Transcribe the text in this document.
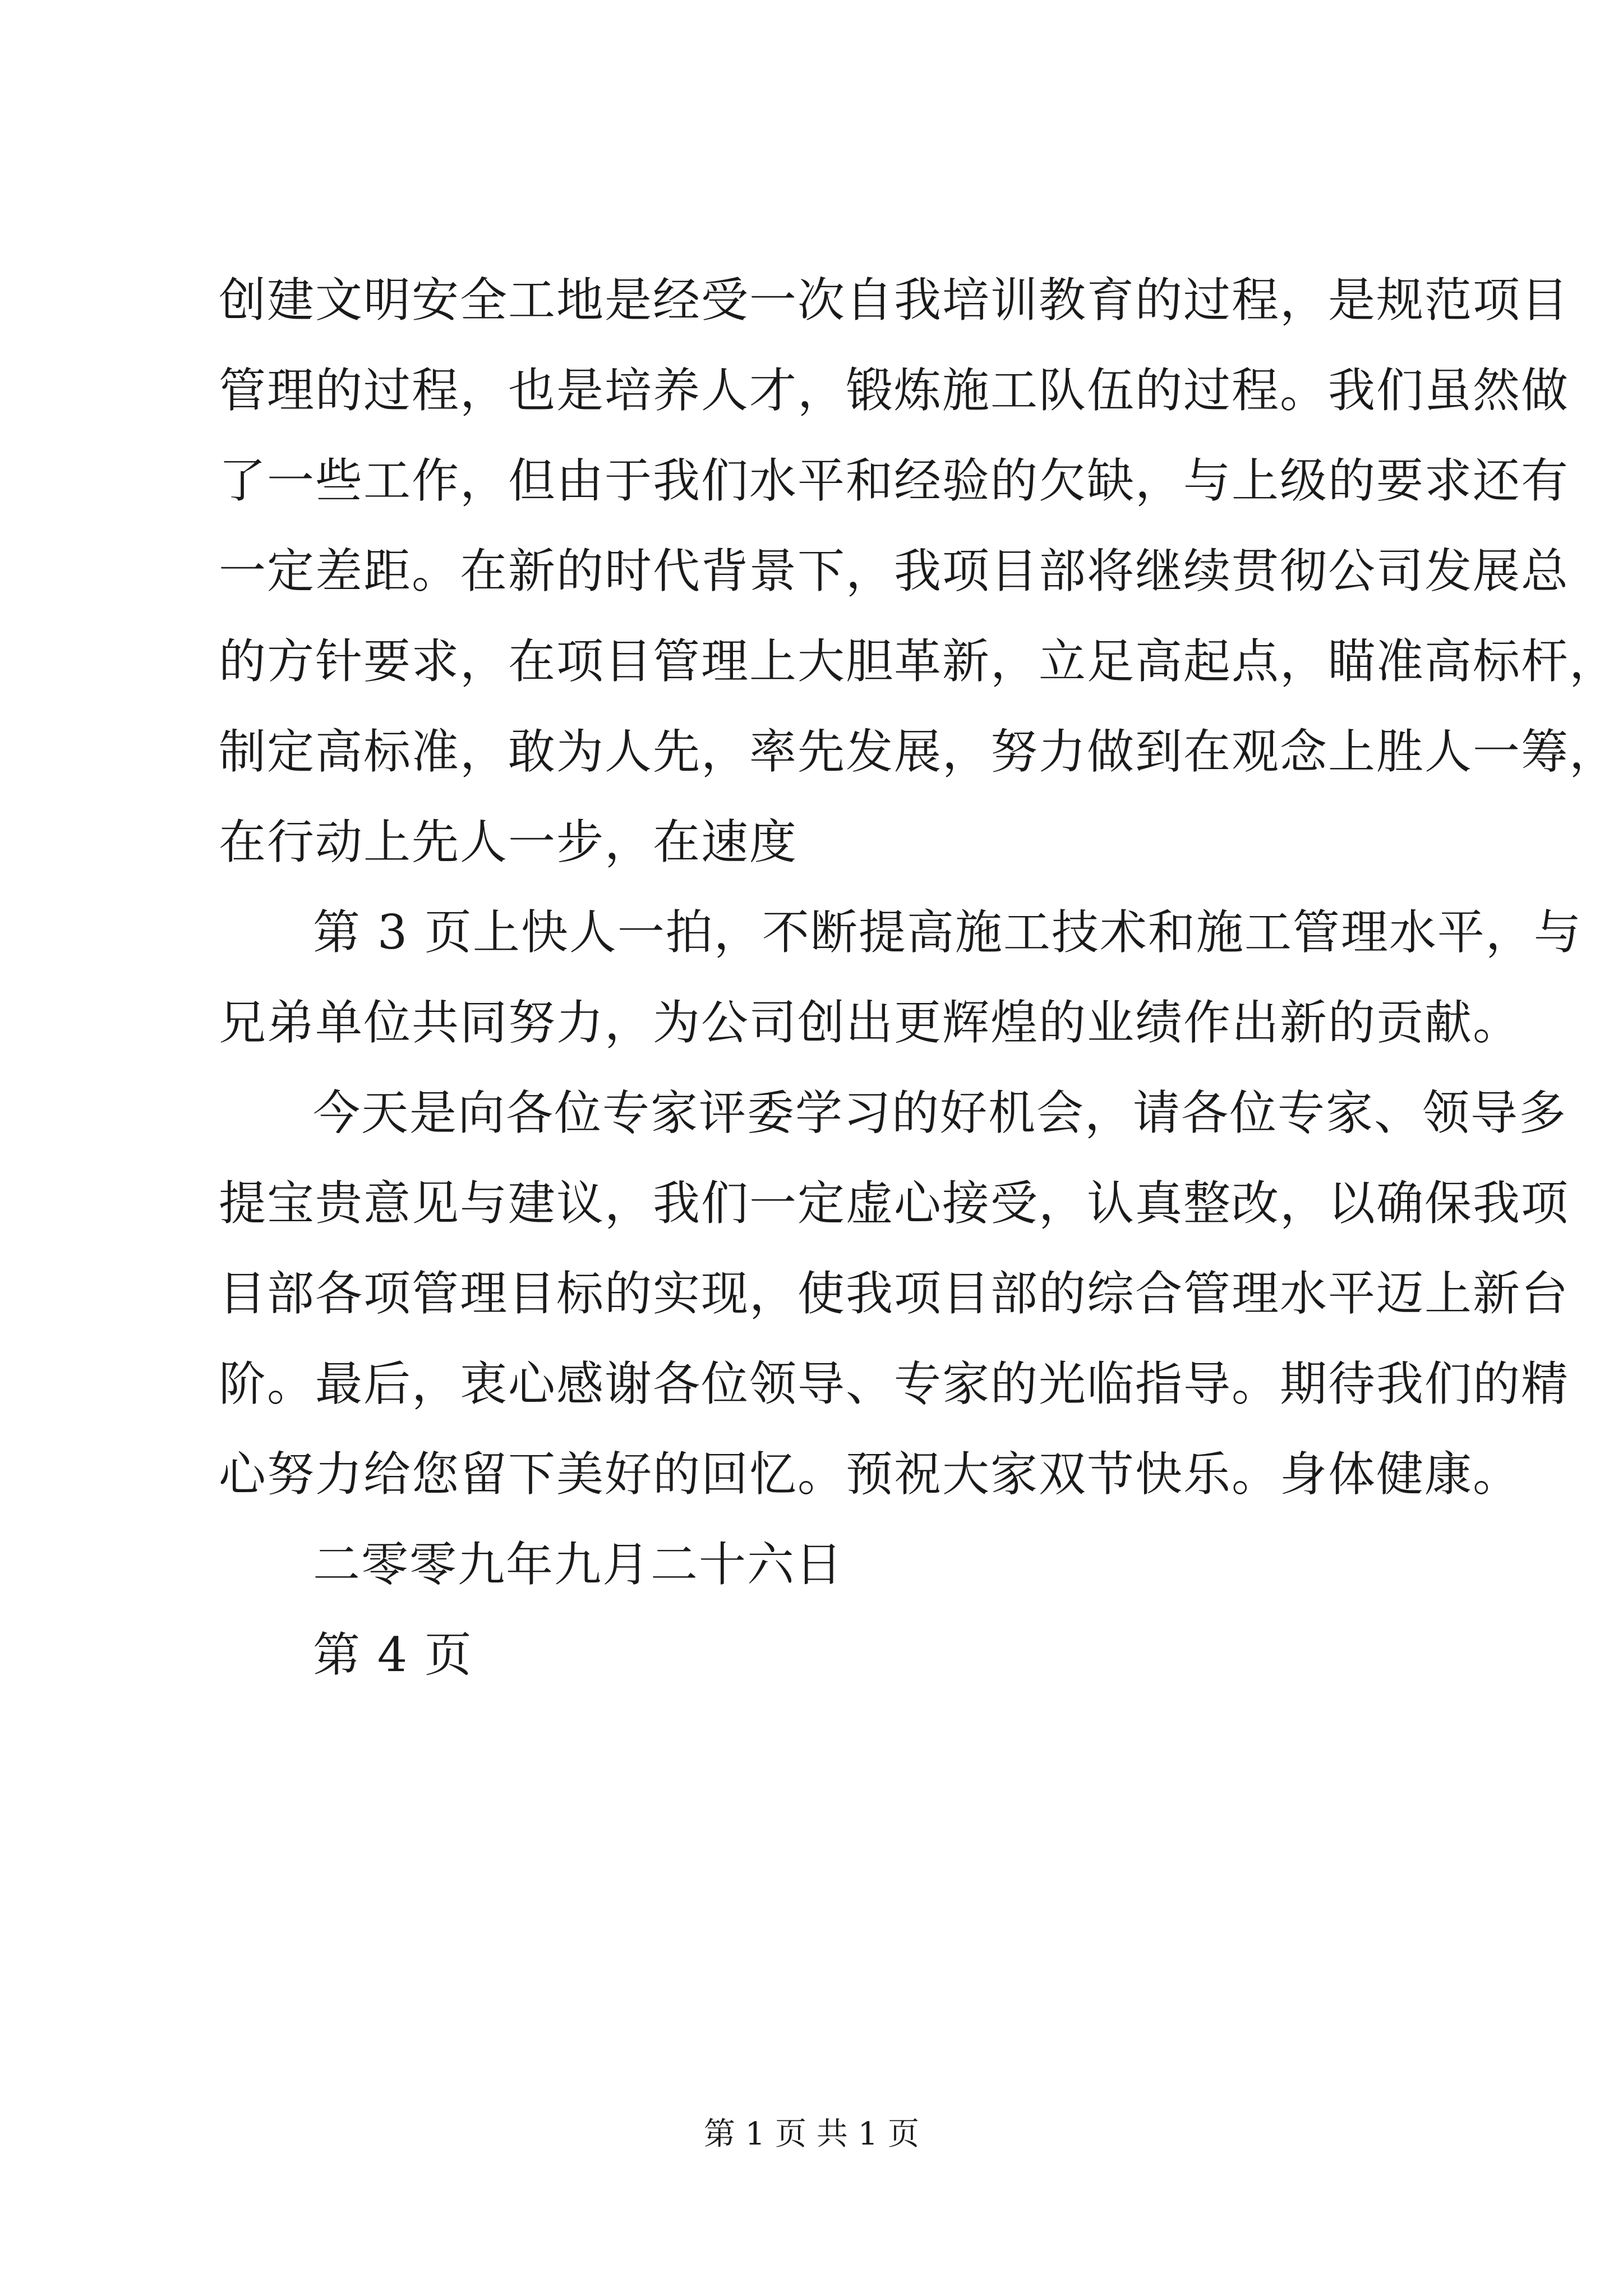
创建文明安全工地是经受一次自我培训教育的过程，是规范项目
管理的过程，也是培养人才，锻炼施工队伍的过程。我们虽然做
了一些工作，但由于我们水平和经验的欠缺，与上级的要求还有
一定差距。在新的时代背景下，我项目部将继续贯彻公司发展总
的方针要求，在项目管理上大胆革新，立足高起点，瞄准高标杆，
制定高标准，敢为人先，率先发展，努力做到在观念上胜人一筹，
在行动上先人一步，在速度
第 3 页上快人一拍，不断提高施工技术和施工管理水平，与
兄弟单位共同努力，为公司创出更辉煌的业绩作出新的贡献。
今天是向各位专家评委学习的好机会，请各位专家、领导多
提宝贵意见与建议，我们一定虚心接受，认真整改，以确保我项
目部各项管理目标的实现，使我项目部的综合管理水平迈上新台
阶。最后，衷心感谢各位领导、专家的光临指导。期待我们的精
心努力给您留下美好的回忆。预祝大家双节快乐。身体健康。
二零零九年九月二十六日
第 4 页
第 1 页 共 1 页
